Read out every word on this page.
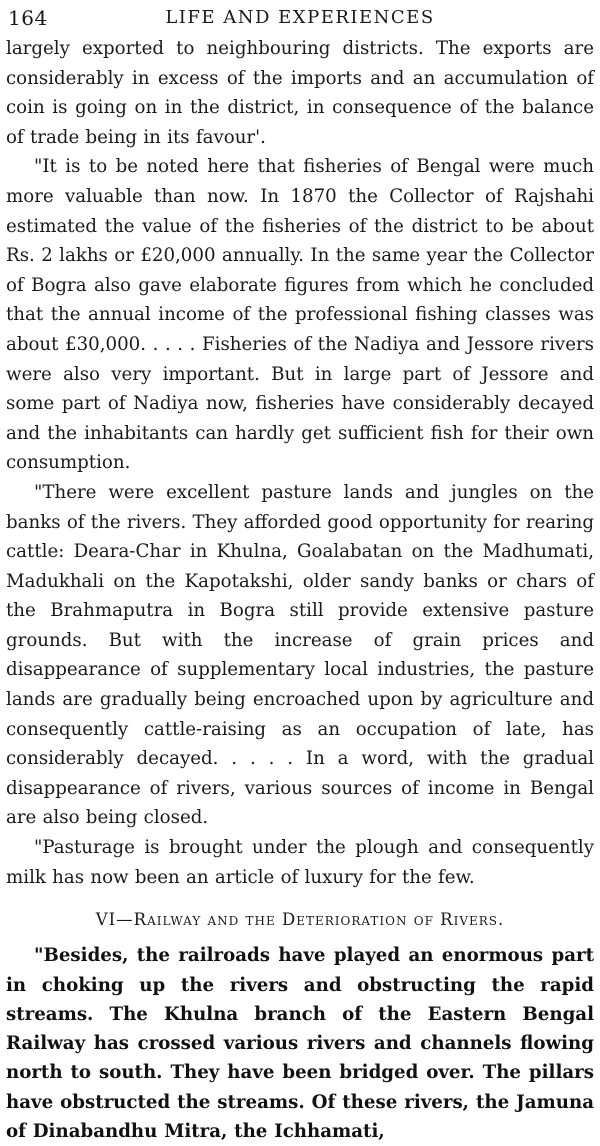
164	LIFE AND EXPERIENCES

largely exported to neighbouring districts. The exports are considerably in excess of the imports and an accumulation of coin is going on in the district, in consequence of the balance of trade being in its favour'.

"It is to be noted here that fisheries of Bengal were much more valuable than now. In 1870 the Collector of Rajshahi estimated the value of the fisheries of the district to be about Rs. 2 lakhs or £20,000 annually. In the same year the Collector of Bogra also gave elaborate figures from which he concluded that the annual income of the professional fishing classes was about £30,000. . . . . Fisheries of the Nadiya and Jessore rivers were also very important. But in large part of Jessore and some part of Nadiya now, fisheries have considerably decayed and the inhabitants can hardly get sufficient fish for their own consumption.

"There were excellent pasture lands and jungles on the banks of the rivers. They afforded good opportunity for rearing cattle: Deara-Char in Khulna, Goalabatan on the Madhumati, Madukhali on the Kapotakshi, older sandy banks or chars of the Brahmaputra in Bogra still provide extensive pasture grounds. But with the increase of grain prices and disappearance of supplementary local industries, the pasture lands are gradually being encroached upon by agriculture and consequently cattle-raising as an occupation of late, has considerably decayed. . . . . In a word, with the gradual disappearance of rivers, various sources of income in Bengal are also being closed.

"Pasturage is brought under the plough and consequently milk has now been an article of luxury for the few.

VI—Railway and the Deterioration of Rivers.

"Besides, the railroads have played an enormous part in choking up the rivers and obstructing the rapid streams. The Khulna branch of the Eastern Bengal Railway has crossed various rivers and channels flowing north to south. They have been bridged over. The pillars have obstructed the streams. Of these rivers, the Jamuna of Dinabandhu Mitra, the Ichhamati,
